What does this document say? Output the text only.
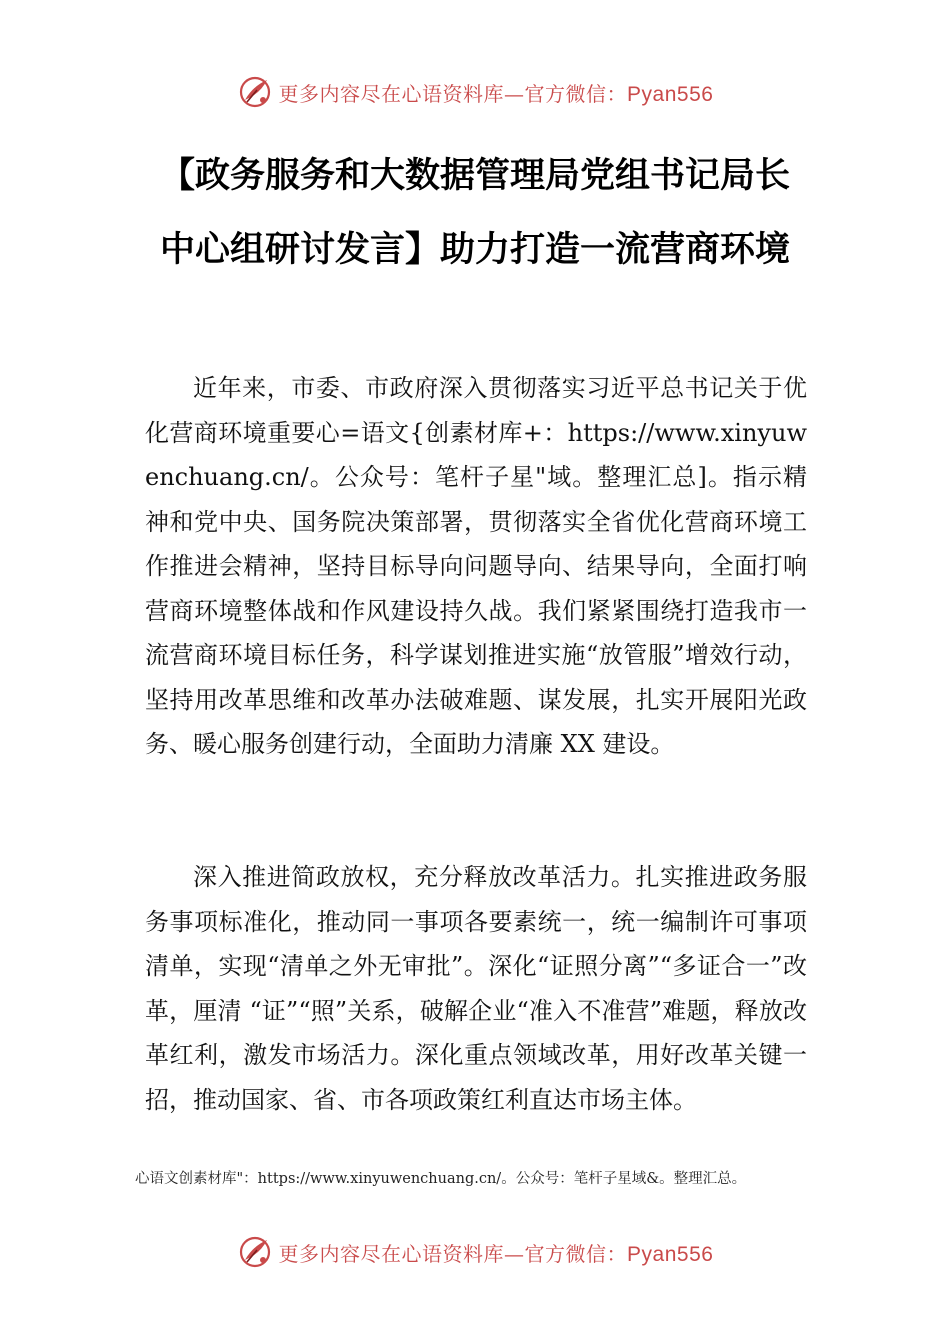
更多内容尽在心语资料库—官方微信：Pyan556
【政务服务和大数据管理局党组书记局长
中心组研讨发言】助力打造一流营商环境

近年来，市委、市政府深入贯彻落实习近平总书记关于优化营商环境重要心=语文{创素材库+：https://www.xinyuwenchuang.cn/。公众号：笔杆子星"域。整理汇总]。指示精神和党中央、国务院决策部署，贯彻落实全省优化营商环境工作推进会精神，坚持目标导向问题导向、结果导向，全面打响营商环境整体战和作风建设持久战。我们紧紧围绕打造我市一流营商环境目标任务，科学谋划推进实施“放管服”增效行动，坚持用改革思维和改革办法破难题、谋发展，扎实开展阳光政务、暖心服务创建行动，全面助力清廉 XX 建设。

深入推进简政放权，充分释放改革活力。扎实推进政务服务事项标准化，推动同一事项各要素统一，统一编制许可事项清单，实现“清单之外无审批”。深化“证照分离”“多证合一”改革，厘清 “证”“照”关系，破解企业“准入不准营”难题，释放改革红利，激发市场活力。深化重点领域改革，用好改革关键一招，推动国家、省、市各项政策红利直达市场主体。

心语文创素材库"：https://www.xinyuwenchuang.cn/。公众号：笔杆子星域&。整理汇总。
更多内容尽在心语资料库—官方微信：Pyan556
